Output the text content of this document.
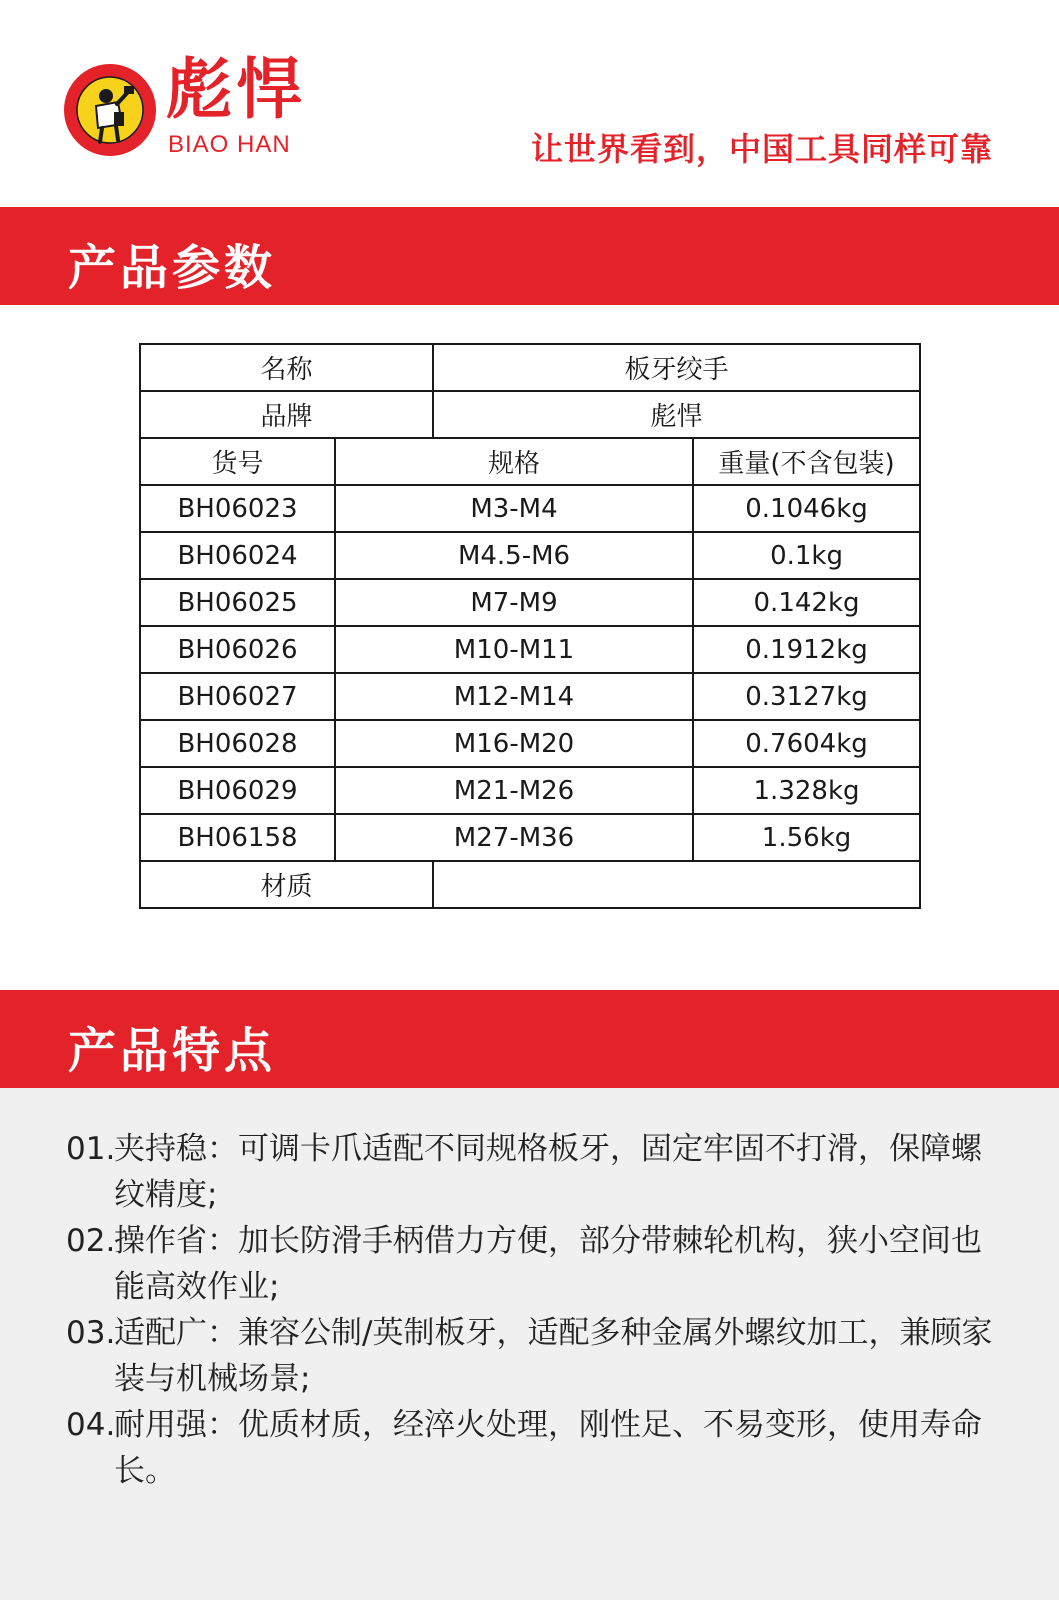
彪悍
BIAO HAN	让世界看到，中国工具同样可靠
产品参数
名称		板牙绞手	
品牌		彪悍	
货号	规格		重量(不含包装)
BH06023	M3-M4		0.1046kg
BH06024	M4.5-M6		0.1kg
BH06025	M7-M9		0.142kg
BH06026	M10-M11		0.1912kg
BH06027	M12-M14		0.3127kg
BH06028	M16-M20		0.7604kg
BH06029	M21-M26		1.328kg
BH06158	M27-M36		1.56kg
材质			
产品特点
01.
夹持稳：可调卡爪适配不同规格板牙，固定牢固不打滑，保障螺纹精度;
02.
操作省：加长防滑手柄借力方便，部分带棘轮机构，狭小空间也能高效作业;
03.
适配广：兼容公制/英制板牙，适配多种金属外螺纹加工，兼顾家装与机械场景;
04.
耐用强：优质材质，经淬火处理，刚性足、不易变形，使用寿命长。
